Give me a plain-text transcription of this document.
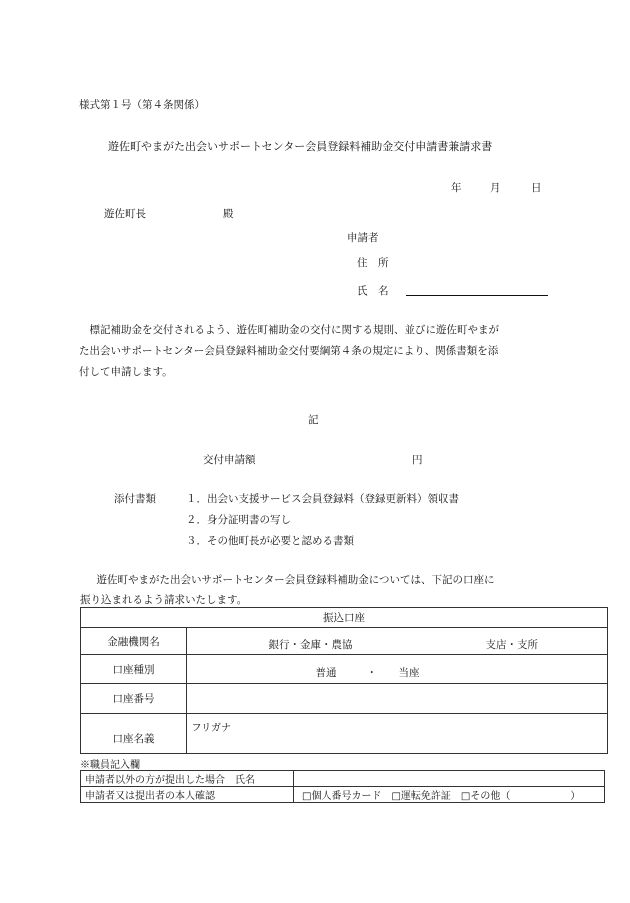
様式第１号（第４条関係）
遊佐町やまがた出会いサポートセンター会員登録料補助金交付申請書兼請求書
年	月	日
遊佐町長	殿
申請者
住　所
氏　名
　標記補助金を交付されるよう、遊佐町補助金の交付に関する規則、並びに遊佐町やまが
た出会いサポートセンター会員登録料補助金交付要綱第４条の規定により、関係書類を添
付して申請します。
記
交付申請額	円
添付書類	１．出会い支援サービス会員登録料（登録更新料）領収書
２．身分証明書の写し
３．その他町長が必要と認める書類
　遊佐町やまがた出会いサポートセンター会員登録料補助金については、下記の口座に
振り込まれるよう請求いたします。
振込口座	
金融機関名	銀行・金庫・農協 支店・支所

口座種別	普通 ・ 当座

口座番号	
口座名義	フリガナ
※職員記入欄
申請者以外の方が提出した場合　氏名	
申請者又は提出者の本人確認	□個人番号カード　□運転免許証　□その他（　　　　　　）
